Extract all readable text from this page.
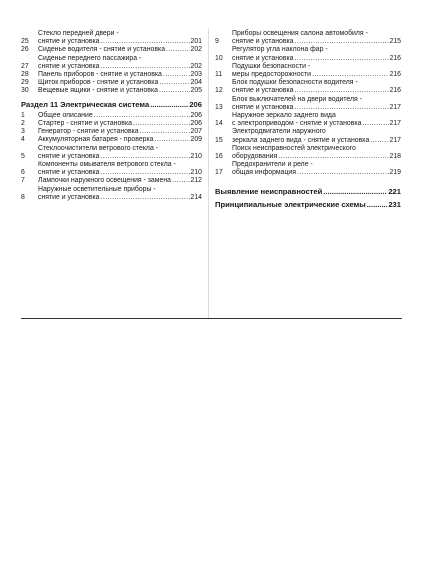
25
Стекло передней двери -
снятие и установка .....	201
26	Сиденье водителя - снятие и установка .....	202
27
Сиденье переднего пассажира -
снятие и установка .....	202
28	Панель приборов - снятие и установка .....	203
29	Щиток приборов - снятие и установка .....	204
30	Вещевые ящики - снятие и установка .....	205
Раздел 11 Электрическая система .....	206
1	Общее описание .....	206
2	Стартер - снятие и установка .....	206
3	Генератор - снятие и установка .....	207
4	Аккумуляторная батарея - проверка .....	209
5
Стеклоочистители ветрового стекла -
снятие и установка .....	210
6
Компоненты омывателя ветрового стекла -
снятие и установка .....	210
7	Лампочки наружного освещения - замена .....	212
8
Наружные осветительные приборы -
снятие и установка .....	214
9
Приборы освещения салона автомобиля -
снятие и установка .....	215
10
Регулятор угла наклона фар -
снятие и установка .....	216
11
Подушки безопасности -
меры предосторожности .....	216
12
Блок подушки безопасности водителя -
снятие и установка .....	216
13
Блок выключателей на двери водителя -
снятие и установка .....	217
14
Наружное зеркало заднего вида
с электроприводом - снятие и установка .....	217
15
Электродвигатели наружного
зеркала заднего вида - снятие и установка .....	217
16
Поиск неисправностей электрического
оборудования .....	218
17
Предохранители и реле -
общая информация .....	219
Выявление неисправностей .....	221
Принципиальные электрические схемы .....	231
